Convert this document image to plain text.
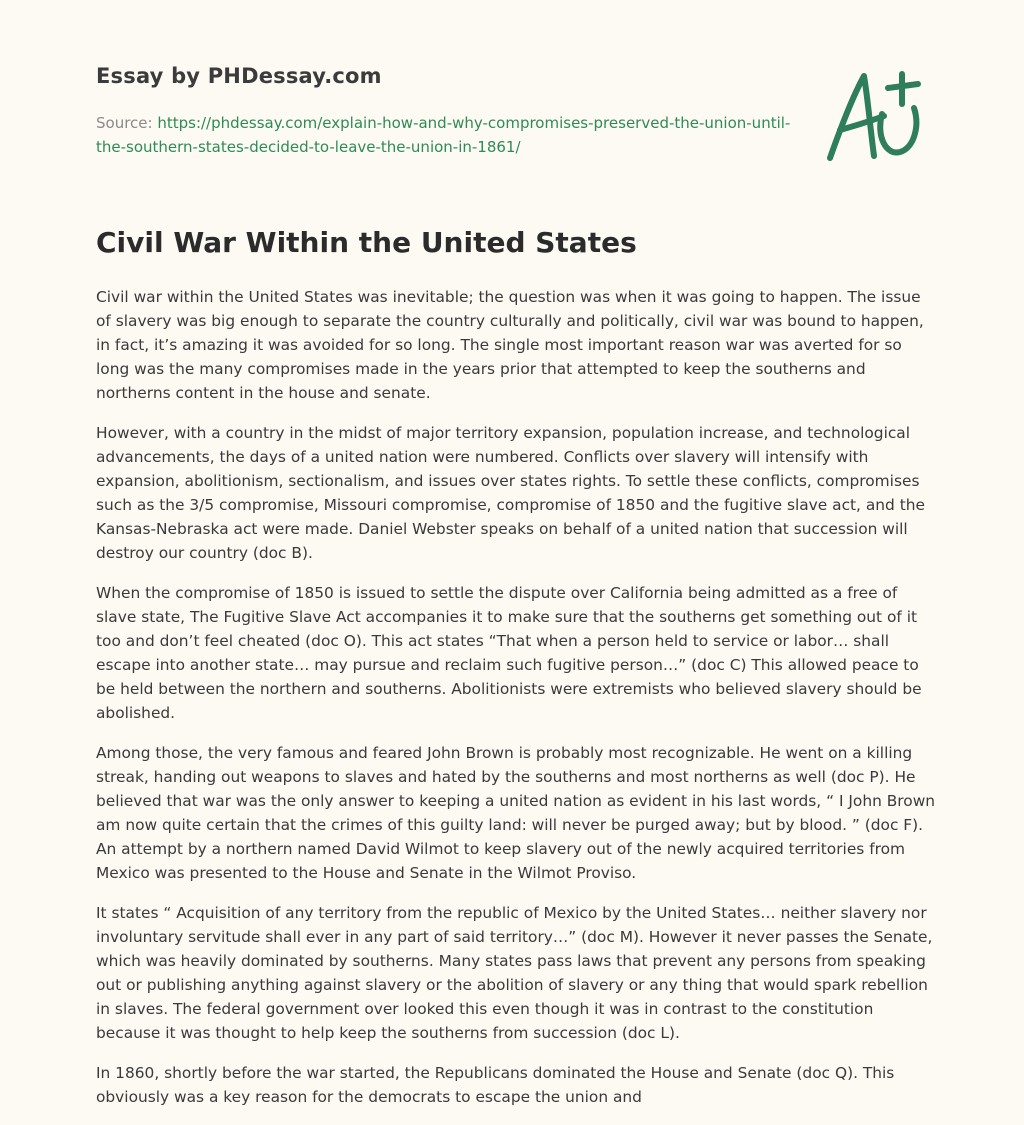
Essay by PHDessay.com
Source: https://phdessay.com/explain-how-and-why-compromises-preserved-the-union-until-the-southern-states-decided-to-leave-the-union-in-1861/
A+
Civil War Within the United States

Civil war within the United States was inevitable; the question was when it was going to happen. The issue of slavery was big enough to separate the country culturally and politically, civil war was bound to happen, in fact, it’s amazing it was avoided for so long. The single most important reason war was averted for so long was the many compromises made in the years prior that attempted to keep the southerns and northerns content in the house and senate.

However, with a country in the midst of major territory expansion, population increase, and technological advancements, the days of a united nation were numbered. Conflicts over slavery will intensify with expansion, abolitionism, sectionalism, and issues over states rights. To settle these conflicts, compromises such as the 3/5 compromise, Missouri compromise, compromise of 1850 and the fugitive slave act, and the Kansas-Nebraska act were made. Daniel Webster speaks on behalf of a united nation that succession will destroy our country (doc B).

When the compromise of 1850 is issued to settle the dispute over California being admitted as a free of slave state, The Fugitive Slave Act accompanies it to make sure that the southerns get something out of it too and don’t feel cheated (doc O). This act states “That when a person held to service or labor… shall escape into another state… may pursue and reclaim such fugitive person…” (doc C) This allowed peace to be held between the northern and southerns. Abolitionists were extremists who believed slavery should be abolished.

Among those, the very famous and feared John Brown is probably most recognizable. He went on a killing streak, handing out weapons to slaves and hated by the southerns and most northerns as well (doc P). He believed that war was the only answer to keeping a united nation as evident in his last words, “ I John Brown am now quite certain that the crimes of this guilty land: will never be purged away; but by blood. ” (doc F). An attempt by a northern named David Wilmot to keep slavery out of the newly acquired territories from Mexico was presented to the House and Senate in the Wilmot Proviso.

It states “ Acquisition of any territory from the republic of Mexico by the United States… neither slavery nor involuntary servitude shall ever in any part of said territory…” (doc M). However it never passes the Senate, which was heavily dominated by southerns. Many states pass laws that prevent any persons from speaking out or publishing anything against slavery or the abolition of slavery or any thing that would spark rebellion in slaves. The federal government over looked this even though it was in contrast to the constitution because it was thought to help keep the southerns from succession (doc L).

In 1860, shortly before the war started, the Republicans dominated the House and Senate (doc Q). This obviously was a key reason for the democrats to escape the union and
